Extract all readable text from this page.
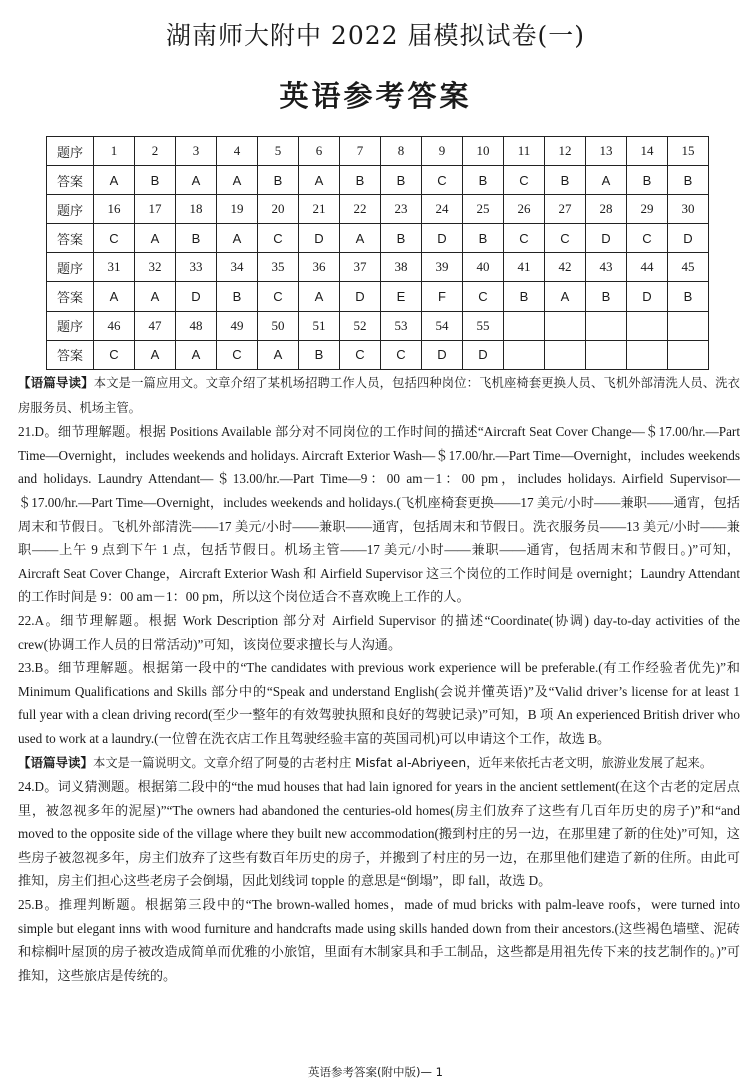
湖南师大附中 2022 届模拟试卷(一)
英语参考答案
题序	1	2	3	4	5	6	7	8	9	10	11	12	13	14	15
答案	A	B	A	A	B	A	B	B	C	B	C	B	A	B	B
题序	16	17	18	19	20	21	22	23	24	25	26	27	28	29	30
答案	C	A	B	A	C	D	A	B	D	B	C	C	D	C	D
题序	31	32	33	34	35	36	37	38	39	40	41	42	43	44	45
答案	A	A	D	B	C	A	D	E	F	C	B	A	B	D	B
题序	46	47	48	49	50	51	52	53	54	55					
答案	C	A	A	C	A	B	C	C	D	D					

【语篇导读】本文是一篇应用文。文章介绍了某机场招聘工作人员，包括四种岗位：飞机座椅套更换人员、飞机外部清洗人员、洗衣房服务员、机场主管。

21.D。细节理解题。根据 Positions Available 部分对不同岗位的工作时间的描述“Aircraft Seat Cover Change—＄17.00/hr.—Part Time—Overnight，includes weekends and holidays. Aircraft Exterior Wash—＄17.00/hr.—Part Time—Overnight，includes weekends and holidays. Laundry Attendant—＄13.00/hr.—Part Time—9：00 am－1：00 pm，includes holidays. Airfield Supervisor—＄17.00/hr.—Part Time—Overnight，includes weekends and holidays.(飞机座椅套更换——17 美元/小时——兼职——通宵，包括周末和节假日。飞机外部清洗——17 美元/小时——兼职——通宵，包括周末和节假日。洗衣服务员——13 美元/小时——兼职——上午 9 点到下午 1 点，包括节假日。机场主管——17 美元/小时——兼职——通宵，包括周末和节假日。)”可知，Aircraft Seat Cover Change，Aircraft Exterior Wash 和 Airfield Supervisor 这三个岗位的工作时间是 overnight；Laundry Attendant 的工作时间是 9：00 am－1：00 pm，所以这个岗位适合不喜欢晚上工作的人。

22.A。细节理解题。根据 Work Description 部分对 Airfield Supervisor 的描述“Coordinate(协调) day-to-day activities of the crew(协调工作人员的日常活动)”可知，该岗位要求擅长与人沟通。

23.B。细节理解题。根据第一段中的“The candidates with previous work experience will be preferable.(有工作经验者优先)”和 Minimum Qualifications and Skills 部分中的“Speak and understand English(会说并懂英语)”及“Valid driver’s license for at least 1 full year with a clean driving record(至少一整年的有效驾驶执照和良好的驾驶记录)”可知，B 项 An experienced British driver who used to work at a laundry.(一位曾在洗衣店工作且驾驶经验丰富的英国司机)可以申请这个工作，故选 B。

【语篇导读】本文是一篇说明文。文章介绍了阿曼的古老村庄 Misfat al-Abriyeen，近年来依托古老文明，旅游业发展了起来。

24.D。词义猜测题。根据第二段中的“the mud houses that had lain ignored for years in the ancient settlement(在这个古老的定居点里，被忽视多年的泥屋)”“The owners had abandoned the centuries-old homes(房主们放弃了这些有几百年历史的房子)”和“and moved to the opposite side of the village where they built new accommodation(搬到村庄的另一边，在那里建了新的住处)”可知，这些房子被忽视多年，房主们放弃了这些有数百年历史的房子，并搬到了村庄的另一边，在那里他们建造了新的住所。由此可推知，房主们担心这些老房子会倒塌，因此划线词 topple 的意思是“倒塌”，即 fall，故选 D。

25.B。推理判断题。根据第三段中的“The brown-walled homes，made of mud bricks with palm-leave roofs，were turned into simple but elegant inns with wood furniture and handcrafts made using skills handed down from their ancestors.(这些褐色墙壁、泥砖和棕榈叶屋顶的房子被改造成简单而优雅的小旅馆，里面有木制家具和手工制品，这些都是用祖先传下来的技艺制作的。)”可推知，这些旅店是传统的。

英语参考答案(附中版)— 1
